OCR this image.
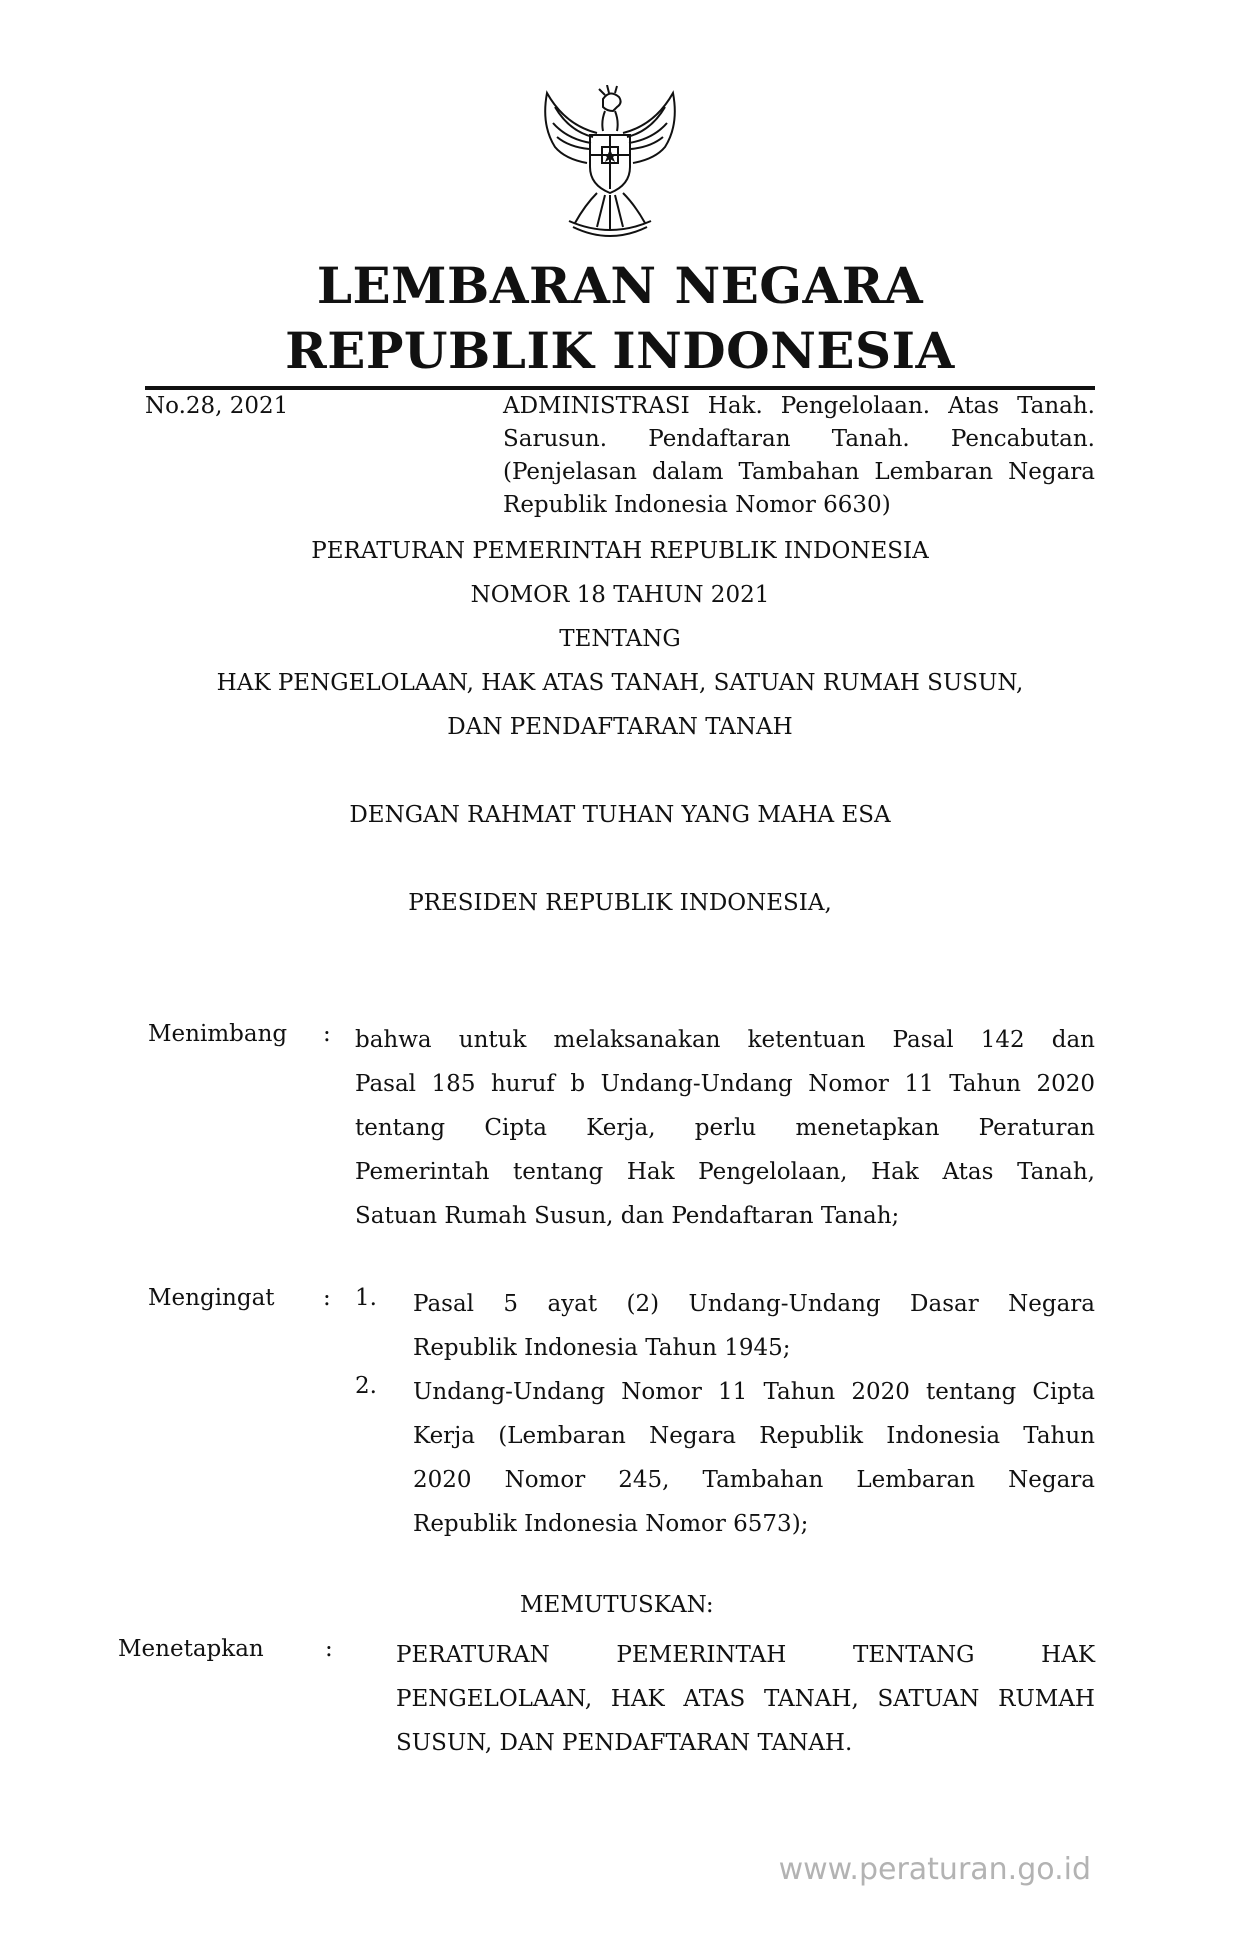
LEMBARAN NEGARA
REPUBLIK INDONESIA
No.28, 2021	ADMINISTRASI Hak. Pengelolaan. Atas Tanah.
Sarusun. Pendaftaran Tanah. Pencabutan.
(Penjelasan dalam Tambahan Lembaran Negara
Republik Indonesia Nomor 6630)
PERATURAN PEMERINTAH REPUBLIK INDONESIA
NOMOR 18 TAHUN 2021
TENTANG
HAK PENGELOLAAN, HAK ATAS TANAH, SATUAN RUMAH SUSUN,
DAN PENDAFTARAN TANAH
DENGAN RAHMAT TUHAN YANG MAHA ESA
PRESIDEN REPUBLIK INDONESIA,
Menimbang : bahwa untuk melaksanakan ketentuan Pasal 142 dan
Pasal 185 huruf b Undang-Undang Nomor 11 Tahun 2020
tentang Cipta Kerja, perlu menetapkan Peraturan
Pemerintah tentang Hak Pengelolaan, Hak Atas Tanah,
Satuan Rumah Susun, dan Pendaftaran Tanah;
Mengingat : 1. Pasal 5 ayat (2) Undang-Undang Dasar Negara
Republik Indonesia Tahun 1945;
2. Undang-Undang Nomor 11 Tahun 2020 tentang Cipta
Kerja (Lembaran Negara Republik Indonesia Tahun
2020 Nomor 245, Tambahan Lembaran Negara
Republik Indonesia Nomor 6573);
MEMUTUSKAN:
Menetapkan	:	PERATURAN PEMERINTAH TENTANG HAK
PENGELOLAAN, HAK ATAS TANAH, SATUAN RUMAH
SUSUN, DAN PENDAFTARAN TANAH.
www.peraturan.go.id
